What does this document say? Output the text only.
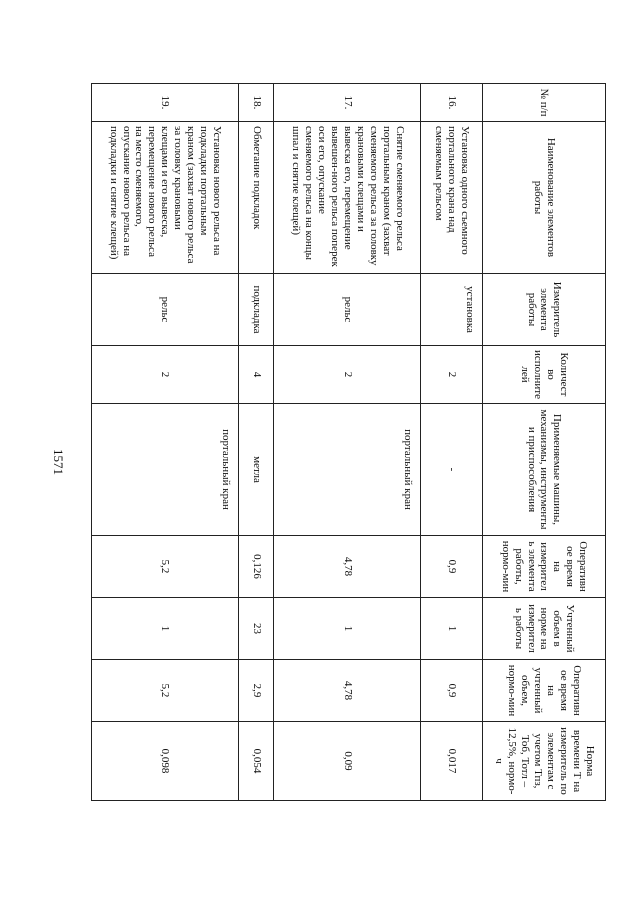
1571
№ п/п	Наименование элементов работы	Измеритель элемента работы	Количество исполнителей	Применяемые машины, механизмы, инструменты и приспособления	Оперативное время на измеритель элемента работы, нормо-мин	Учтенный объем в норме на измеритель работы	Оперативное время на учтенный объем, нормо-мин	Норма времени Т на измеритель по элементам с учетом Тпз, Тоб, Тотл – 12,5%, нормо-ч
16.	Установка одного съемного портального крана над сменяемым рельсом	установка	2	-	0,9	1	0,9	0,017
17.	Снятие сменяемого рельса портальным краном (захват сменяемого рельса за головку крановыми клещами и вывеска его, перемещение вывешен-ного рельса поперек оси его, опускание сменяемого рельса на концы шпал и снятие клещей)	рельс	2	портальный кран	4,78	1	4,78	0,09
18.	Обметание подкладок	подкладка	4	метла	0,126	23	2,9	0,054
19.	Установка нового рельса на подкладки портальным краном (захват нового рельса за головку крановыми клещами и его вывеска, перемещение нового рельса на место сменяемого, опускание нового рельса на подкладки и снятие клещей)	рельс	2	портальный кран	5,2	1	5,2	0,098
